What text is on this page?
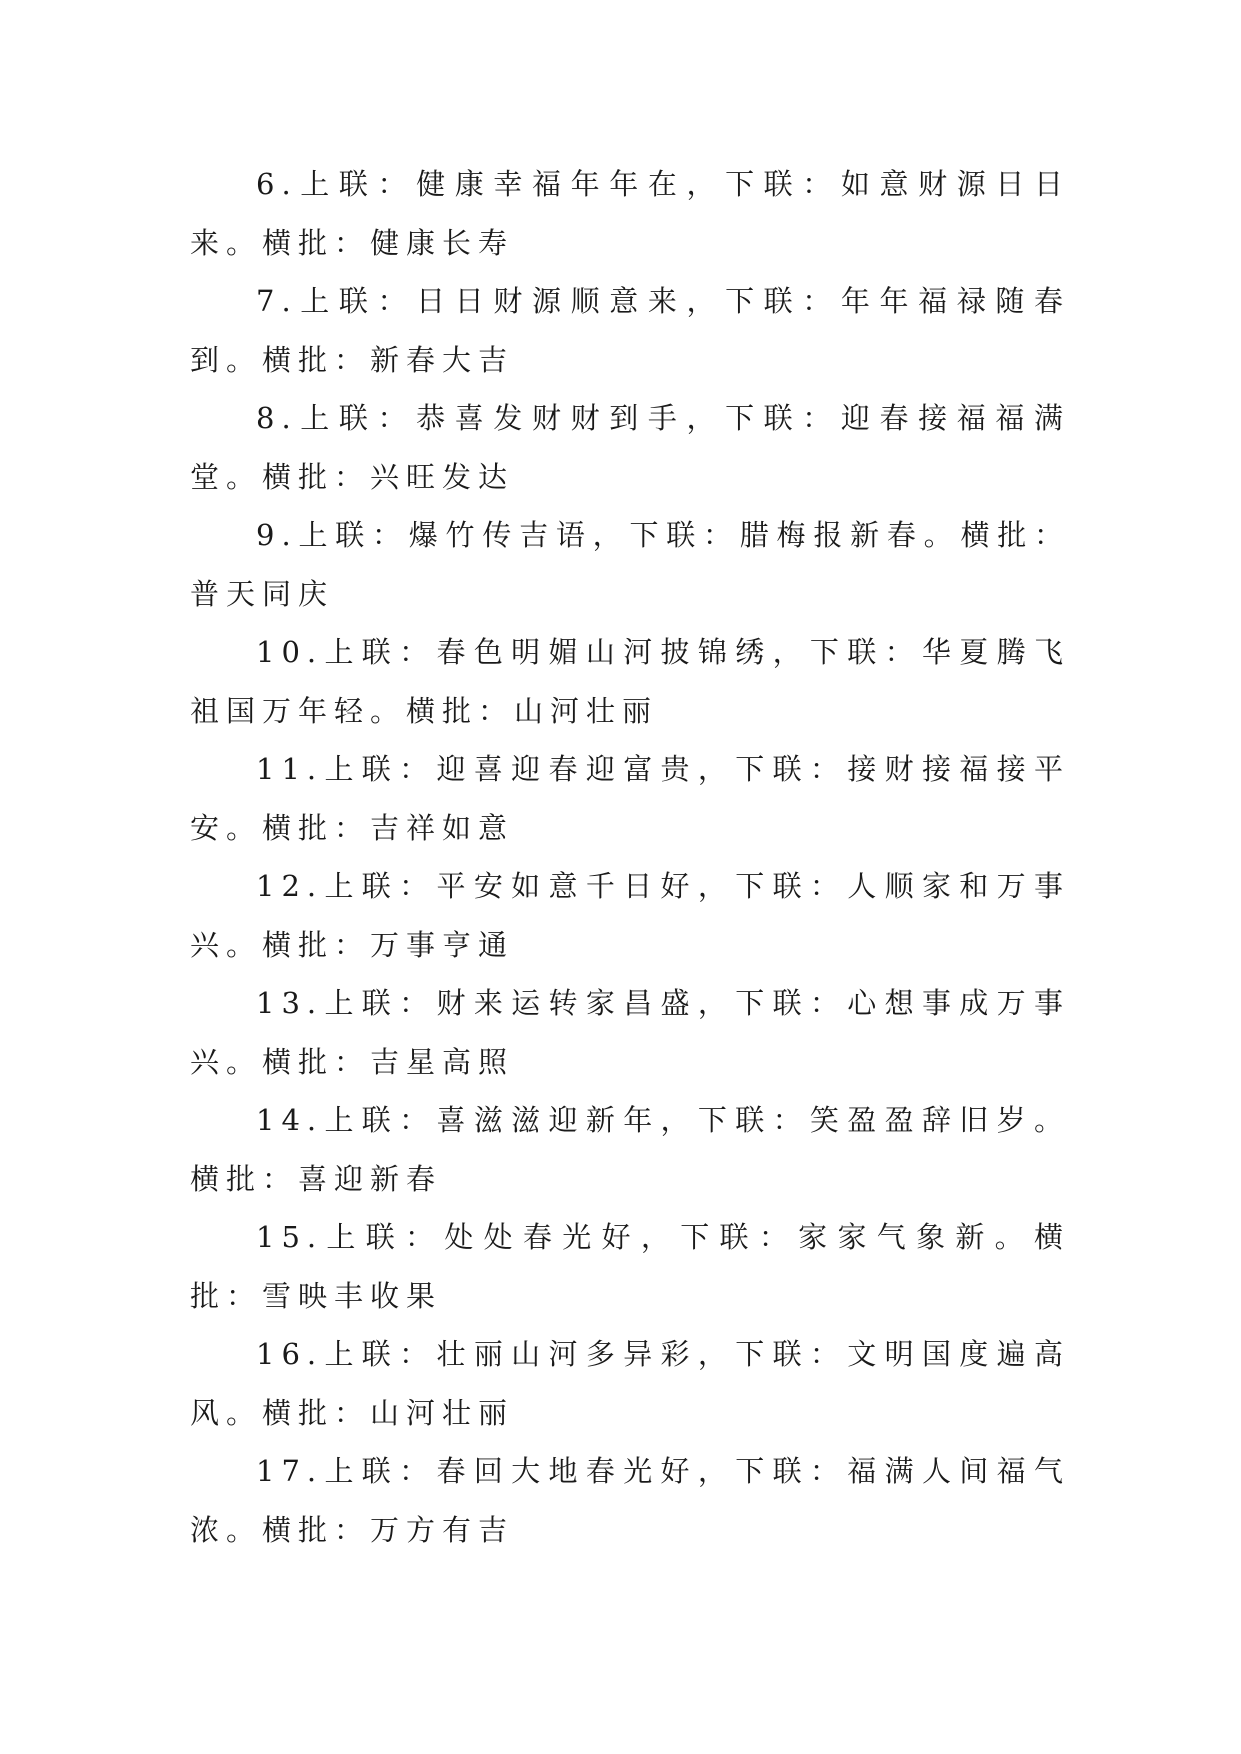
6.上联：健康幸福年年在，下联：如意财源日日来。横批：健康长寿

7.上联：日日财源顺意来，下联：年年福禄随春到。横批：新春大吉

8.上联：恭喜发财财到手，下联：迎春接福福满堂。横批：兴旺发达

9.上联：爆竹传吉语，下联：腊梅报新春。横批：普天同庆

10.上联：春色明媚山河披锦绣，下联：华夏腾飞祖国万年轻。横批：山河壮丽

11.上联：迎喜迎春迎富贵，下联：接财接福接平安。横批：吉祥如意

12.上联：平安如意千日好，下联：人顺家和万事兴。横批：万事亨通

13.上联：财来运转家昌盛，下联：心想事成万事兴。横批：吉星高照

14.上联：喜滋滋迎新年，下联：笑盈盈辞旧岁。横批：喜迎新春

15.上联：处处春光好，下联：家家气象新。横批：雪映丰收果

16.上联：壮丽山河多异彩，下联：文明国度遍高风。横批：山河壮丽

17.上联：春回大地春光好，下联：福满人间福气浓。横批：万方有吉
